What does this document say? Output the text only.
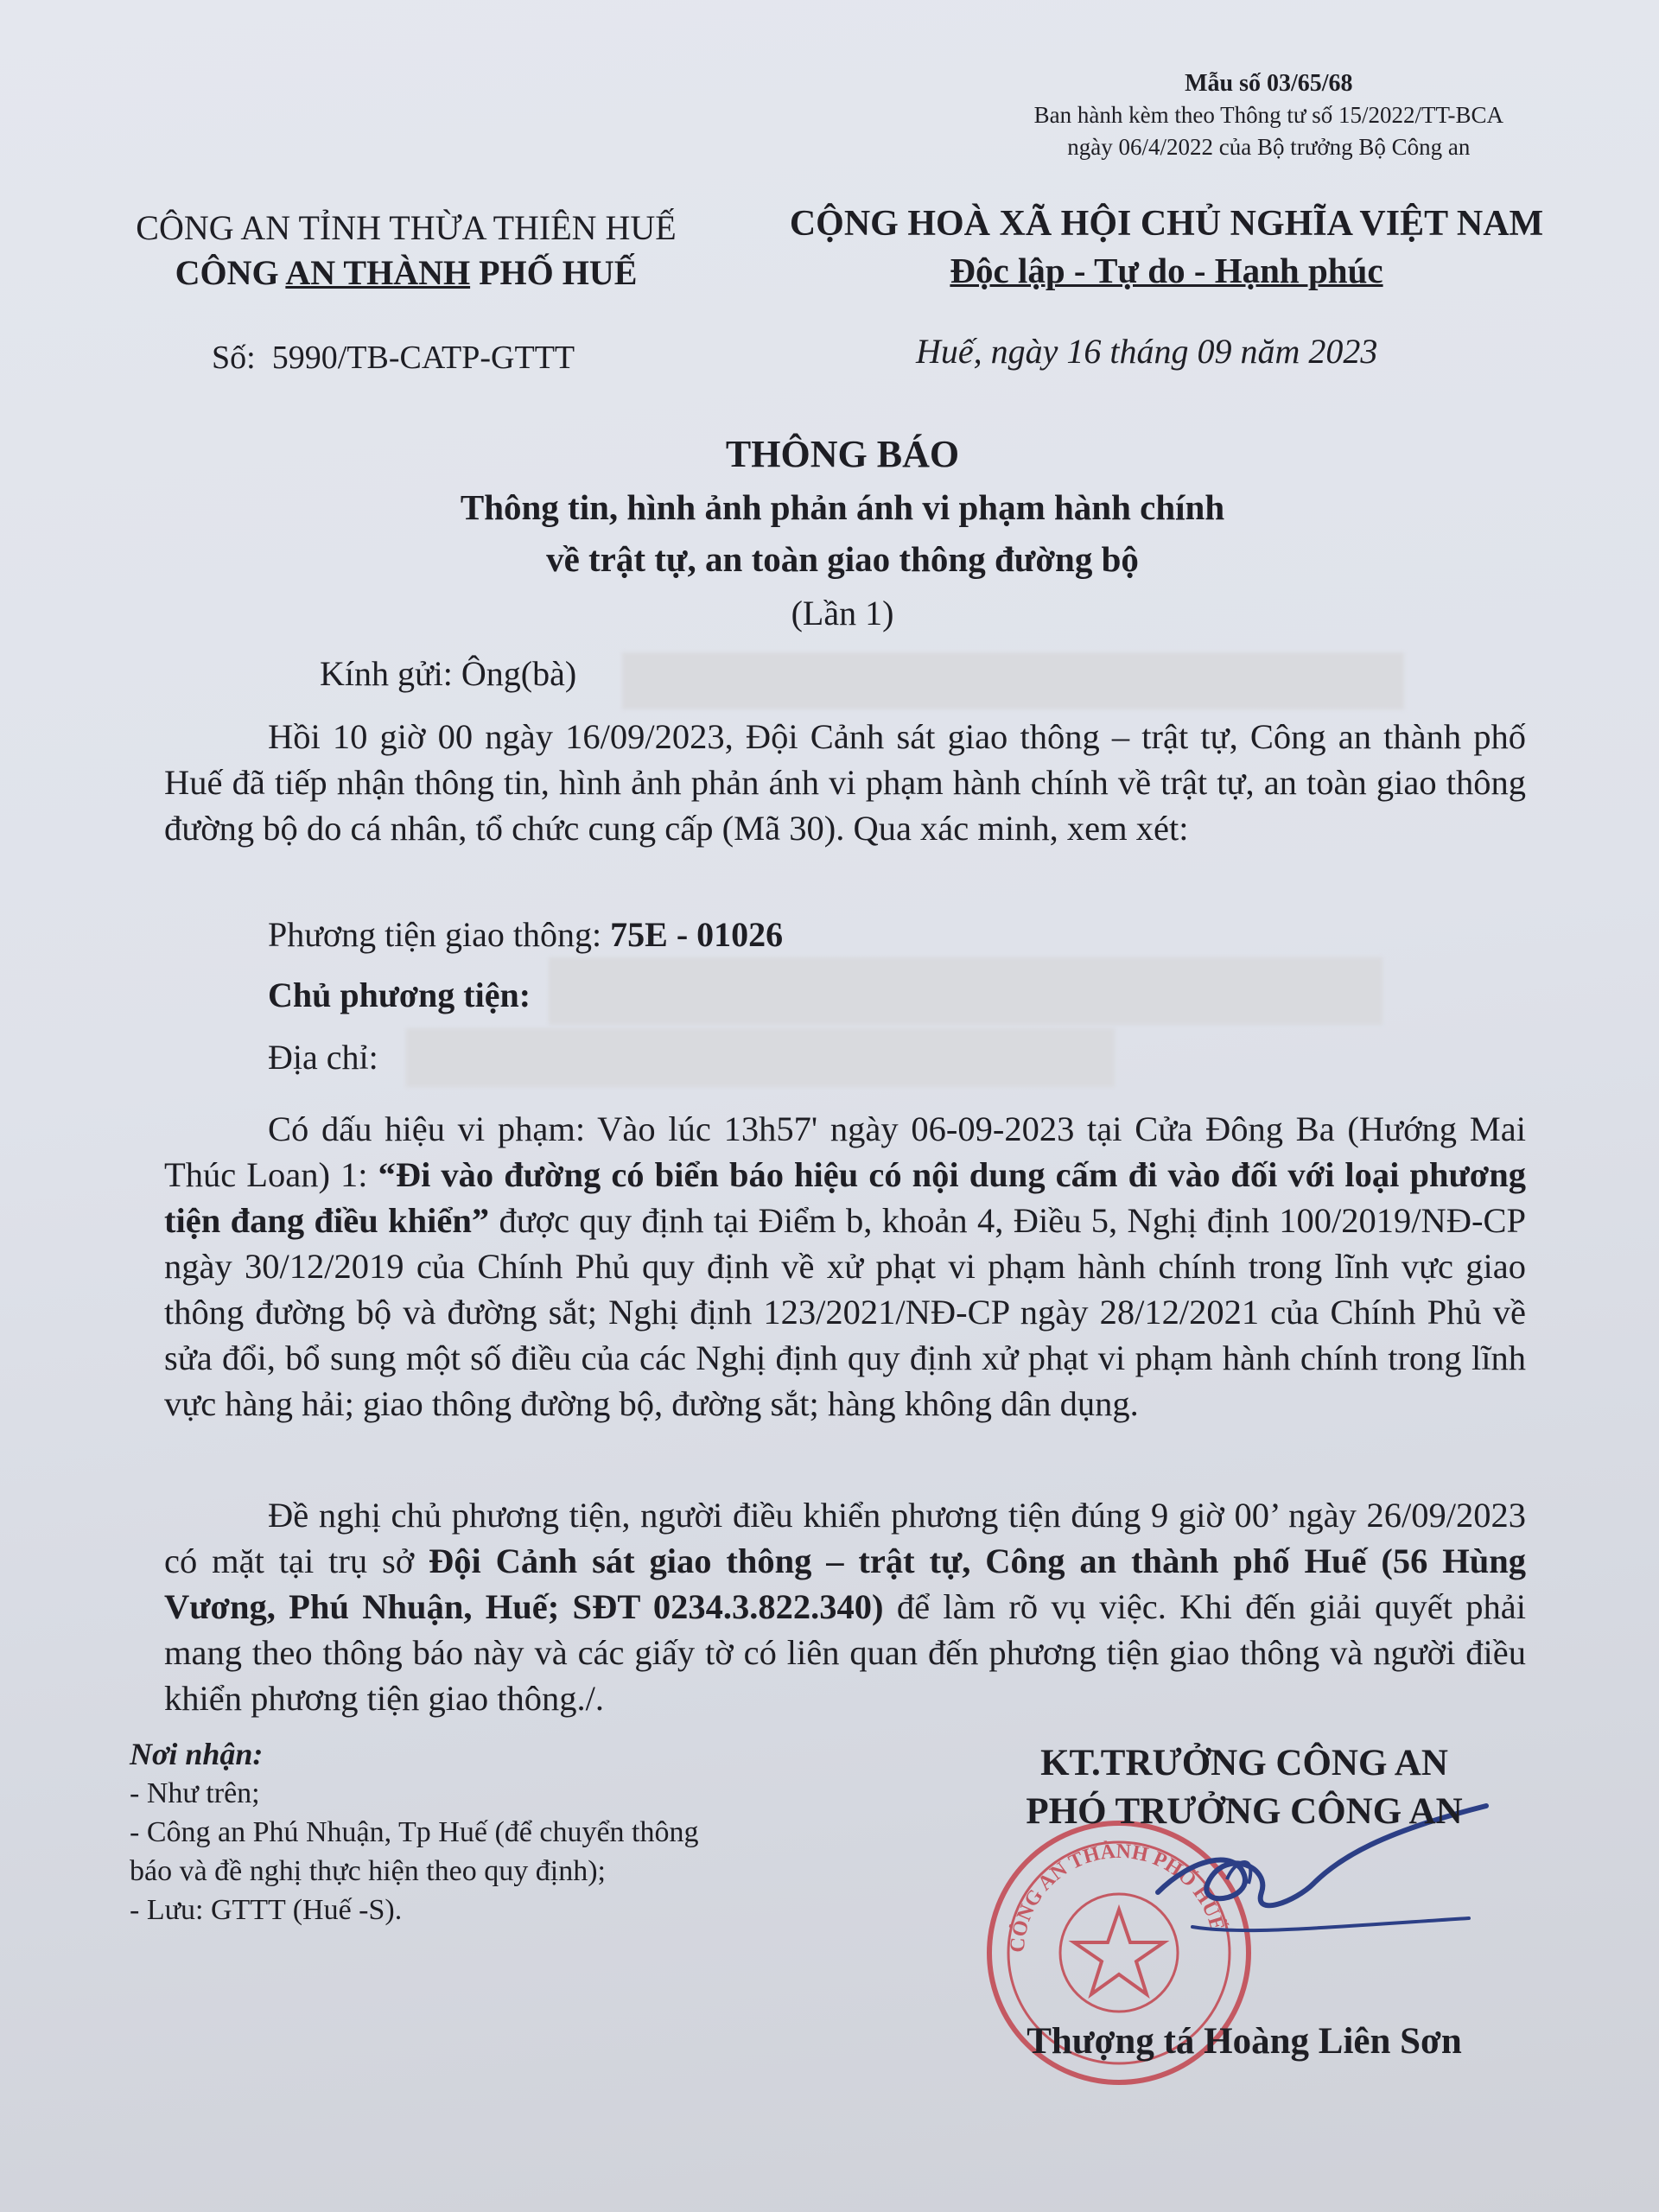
Mẫu số 03/65/68
Ban hành kèm theo Thông tư số 15/2022/TT-BCA
ngày 06/4/2022 của Bộ trưởng Bộ Công an
CÔNG AN TỈNH THỪA THIÊN HUẾ
CÔNG AN THÀNH PHỐ HUẾ
CỘNG HOÀ XÃ HỘI CHỦ NGHĨA VIỆT NAM
Độc lập - Tự do - Hạnh phúc
Số: 5990/TB-CATP-GTTT	Huế, ngày 16 tháng 09 năm 2023
THÔNG BÁO
Thông tin, hình ảnh phản ánh vi phạm hành chính
về trật tự, an toàn giao thông đường bộ
(Lần 1)
Kính gửi: Ông(bà)

Hồi 10 giờ 00 ngày 16/09/2023, Đội Cảnh sát giao thông – trật tự, Công an thành phố Huế đã tiếp nhận thông tin, hình ảnh phản ánh vi phạm hành chính về trật tự, an toàn giao thông đường bộ do cá nhân, tổ chức cung cấp (Mã 30). Qua xác minh, xem xét:

Phương tiện giao thông: 75E - 01026
Chủ phương tiện:
Địa chỉ:

Có dấu hiệu vi phạm: Vào lúc 13h57' ngày 06-09-2023 tại Cửa Đông Ba (Hướng Mai Thúc Loan) 1: “Đi vào đường có biển báo hiệu có nội dung cấm đi vào đối với loại phương tiện đang điều khiển” được quy định tại Điểm b, khoản 4, Điều 5, Nghị định 100/2019/NĐ-CP ngày 30/12/2019 của Chính Phủ quy định về xử phạt vi phạm hành chính trong lĩnh vực giao thông đường bộ và đường sắt; Nghị định 123/2021/NĐ-CP ngày 28/12/2021 của Chính Phủ về sửa đổi, bổ sung một số điều của các Nghị định quy định xử phạt vi phạm hành chính trong lĩnh vực hàng hải; giao thông đường bộ, đường sắt; hàng không dân dụng.

Đề nghị chủ phương tiện, người điều khiển phương tiện đúng 9 giờ 00’ ngày 26/09/2023 có mặt tại trụ sở Đội Cảnh sát giao thông – trật tự, Công an thành phố Huế (56 Hùng Vương, Phú Nhuận, Huế; SĐT 0234.3.822.340) để làm rõ vụ việc. Khi đến giải quyết phải mang theo thông báo này và các giấy tờ có liên quan đến phương tiện giao thông và người điều khiển phương tiện giao thông./.

Nơi nhận:
- Như trên;
- Công an Phú Nhuận, Tp Huế (để chuyển thông
báo và đề nghị thực hiện theo quy định);
- Lưu: GTTT (Huế -S).
CÔNG AN THÀNH PHỐ HUẾ
KT.TRƯỞNG CÔNG AN
PHÓ TRƯỞNG CÔNG AN
Thượng tá Hoàng Liên Sơn
